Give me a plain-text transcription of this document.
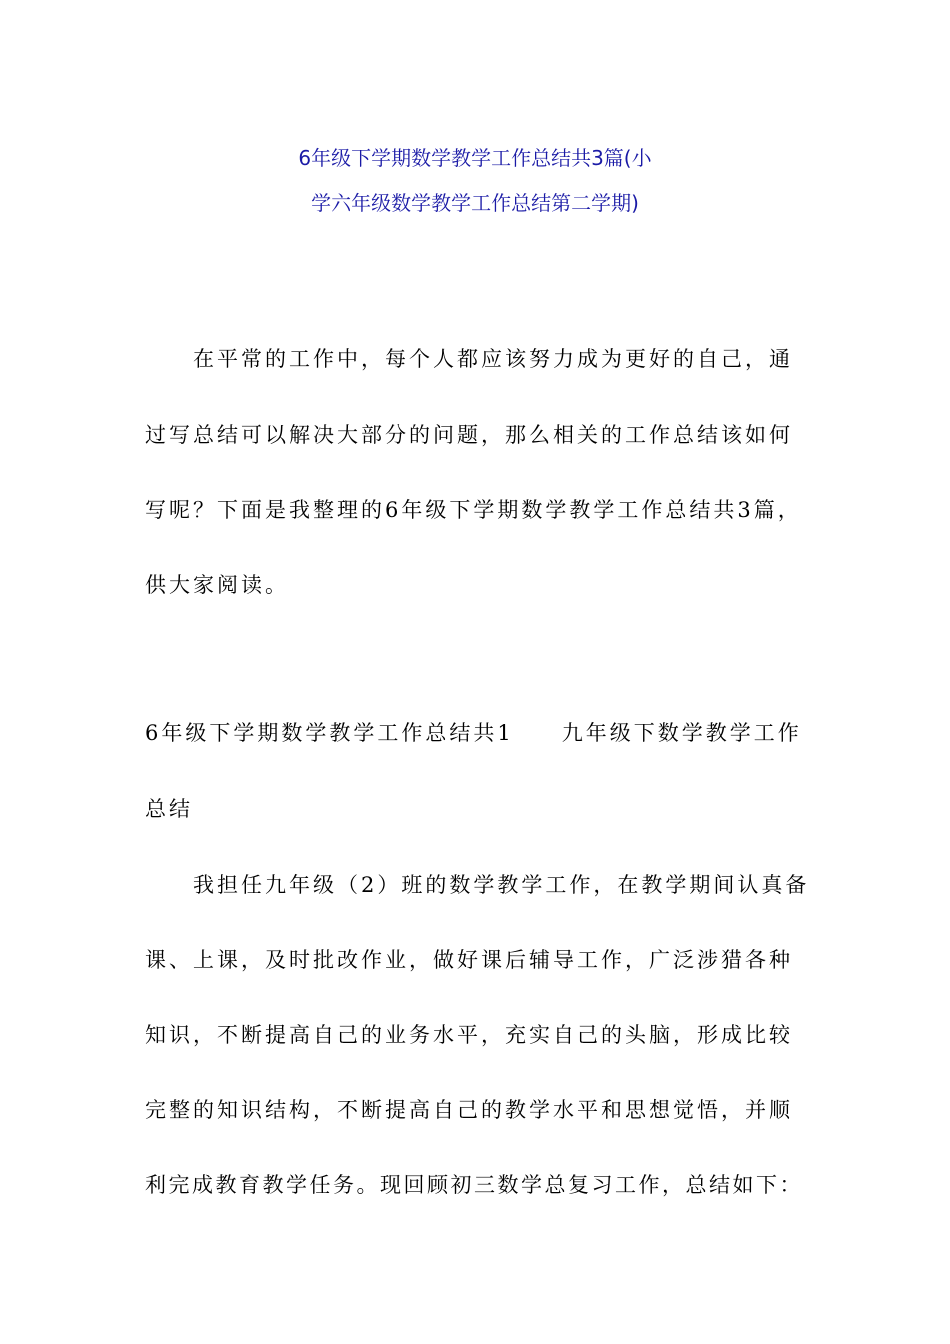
6年级下学期数学教学工作总结共3篇(小
学六年级数学教学工作总结第二学期)

在平常的工作中，每个人都应该努力成为更好的自己，通

过写总结可以解决大部分的问题，那么相关的工作总结该如何

写呢？下面是我整理的6年级下学期数学教学工作总结共3篇，

供大家阅读。

6年级下学期数学教学工作总结共1　　九年级下数学教学工作

总结

我担任九年级（2）班的数学教学工作，在教学期间认真备

课、上课，及时批改作业，做好课后辅导工作，广泛涉猎各种

知识，不断提高自己的业务水平，充实自己的头脑，形成比较

完整的知识结构，不断提高自己的教学水平和思想觉悟，并顺

利完成教育教学任务。现回顾初三数学总复习工作，总结如下：
